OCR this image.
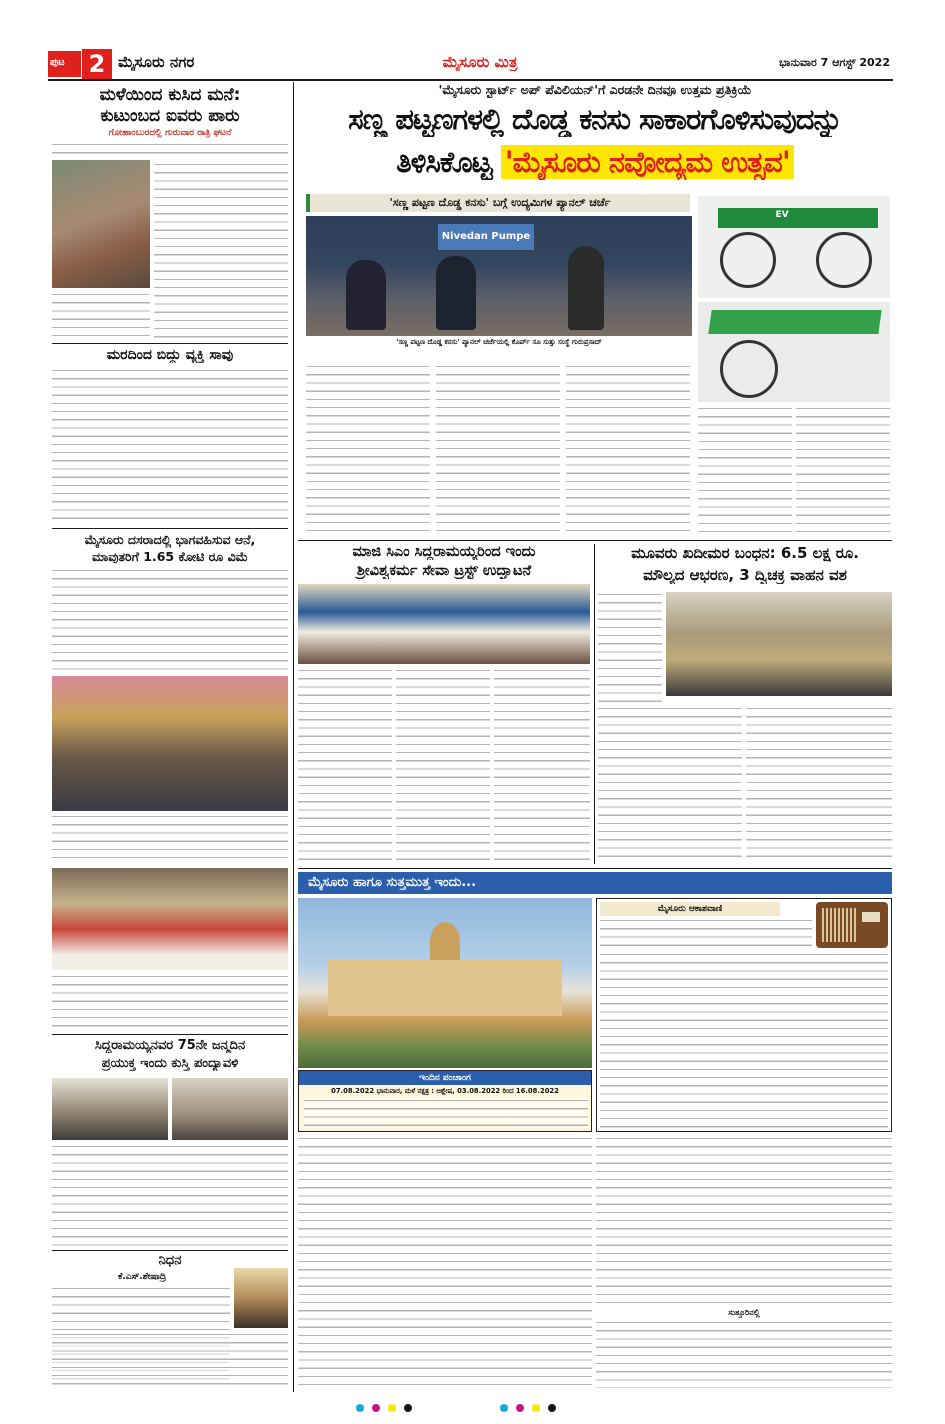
ಪುಟ 2 ಮೈಸೂರು ನಗರ	ಮೈಸೂರು ಮಿತ್ರ	ಭಾನುವಾರ 7 ಆಗಸ್ಟ್ 2022
ಮಳೆಯಿಂದ ಕುಸಿದ ಮನೆ:
ಕುಟುಂಬದ ಐವರು ಪಾರು
ಗೋಹಾಂಬುರದಲ್ಲಿ ಗುರುವಾರ ರಾತ್ರಿ ಘಟನೆ
ಮರದಿಂದ ಬಿದ್ದು ವ್ಯಕ್ತಿ ಸಾವು
ಮೈಸೂರು ದಸರಾದಲ್ಲಿ ಭಾಗವಹಿಸುವ ಆನೆ,
ಮಾವುತರಿಗೆ 1.65 ಕೋಟಿ ರೂ ವಿಮೆ
ಸಿದ್ಧರಾಮಯ್ಯನವರ 75ನೇ ಜನ್ಮದಿನ
ಪ್ರಯುಕ್ತ ಇಂದು ಕುಸ್ತಿ ಪಂದ್ಯಾವಳಿ
ನಿಧನ
ಕೆ.ಎಸ್.ಶೇಷಾದ್ರಿ
'ಮೈಸೂರು ಸ್ಟಾರ್ಟ್ ಅಪ್ ಪೆವಿಲಿಯನ್'ಗೆ ಎರಡನೇ ದಿನವೂ ಉತ್ತಮ ಪ್ರತಿಕ್ರಿಯೆ
ಸಣ್ಣ ಪಟ್ಟಣಗಳಲ್ಲಿ ದೊಡ್ಡ ಕನಸು ಸಾಕಾರಗೊಳಿಸುವುದನ್ನು
ತಿಳಿಸಿಕೊಟ್ಟ 'ಮೈಸೂರು ನವೋದ್ಯಮ ಉತ್ಸವ'
'ಸಣ್ಣ ಪಟ್ಟಣ ದೊಡ್ಡ ಕನಸು' ಬಗ್ಗೆ ಉದ್ಯಮಿಗಳ ಪ್ಯಾನಲ್ ಚರ್ಚೆ
Nivedan Pumpe
'ಸಣ್ಣ ಪಟ್ಟಣ ದೊಡ್ಡ ಕನಸು' ಪ್ಯಾನಲ್ ಚರ್ಚೆಯಲ್ಲಿ ಕೊರ್ಪ್ ಸೂ ಸುತ್ತು ಸಂಸ್ಥೆ ಗುರುಪ್ರಸಾದ್
EV
ಮಾಜಿ ಸಿಎಂ ಸಿದ್ದರಾಮಯ್ಯರಿಂದ ಇಂದು
ಶ್ರೀವಿಶ್ವಕರ್ಮ ಸೇವಾ ಟ್ರಸ್ಟ್ ಉದ್ಘಾಟನೆ
ಮೂವರು ಖದೀಮರ ಬಂಧನ: 6.5 ಲಕ್ಷ ರೂ.
ಮೌಲ್ಯದ ಆಭರಣ, 3 ದ್ವಿಚಕ್ರ ವಾಹನ ವಶ
ಮೈಸೂರು ಹಾಗೂ ಸುತ್ತಮುತ್ತ ಇಂದು...
ಇಂದಿನ ಪಂಚಾಂಗ
07.08.2022 ಭಾನುವಾರ, ಮಳೆ ನಕ್ಷತ್ರ : ಆಶ್ಲೇಷ, 03.08.2022 ರಿಂದ 16.08.2022
ಮೈಸೂರು ಆಕಾಶವಾಣಿ
ಸುತ್ತೂರಿನಲ್ಲಿ
